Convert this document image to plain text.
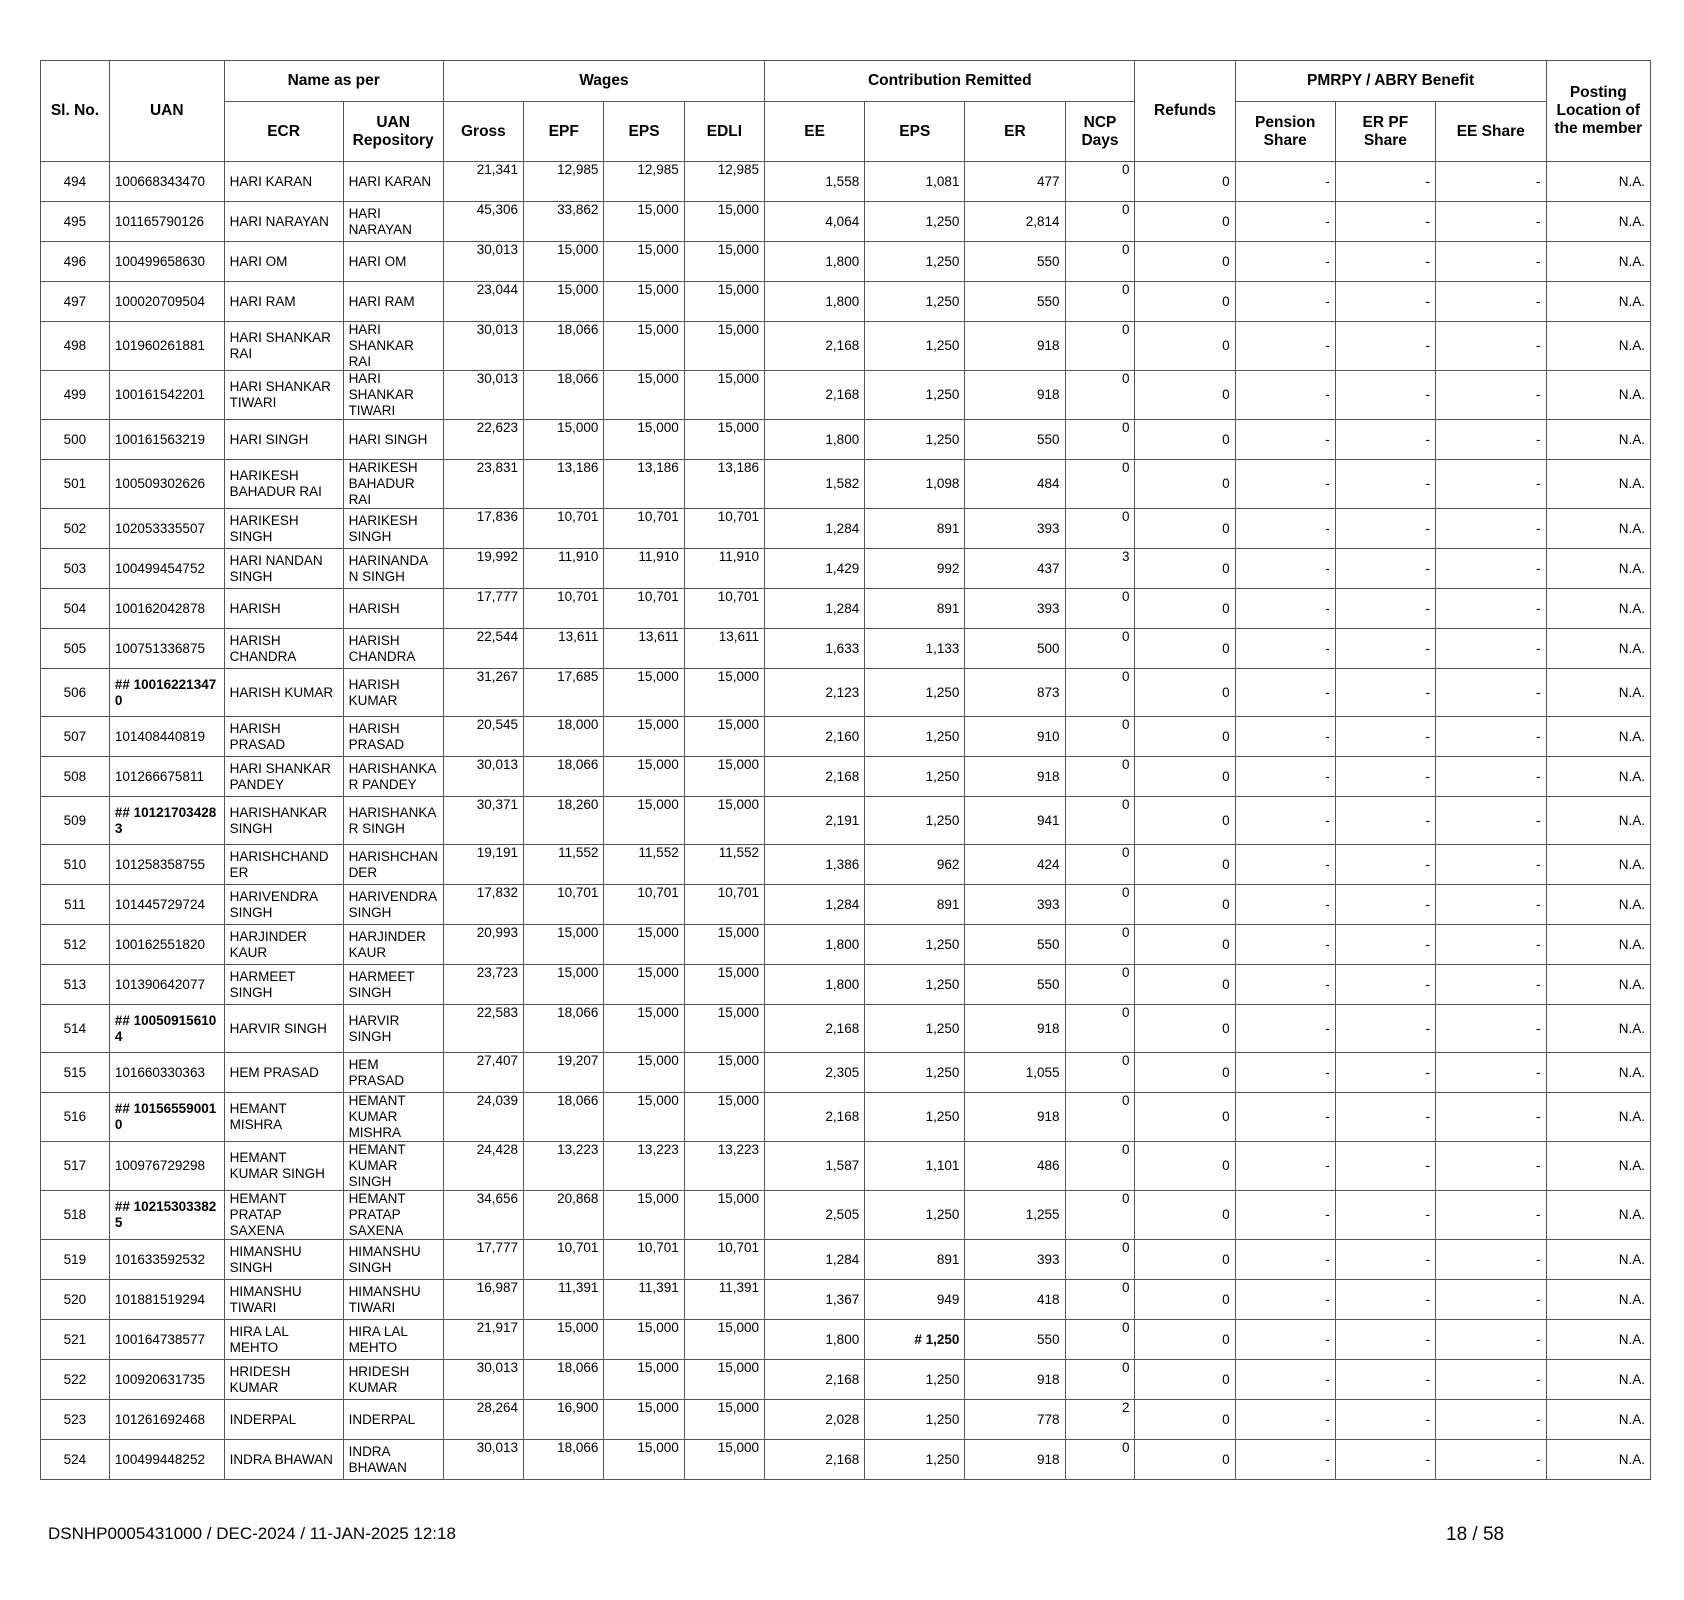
Sl. No.	UAN	Name as per		Wages				Contribution Remitted				Refunds	PMRPY / ABRY Benefit			Posting Location of the member
		ECR	UAN Repository	Gross	EPF	EPS	EDLI	EE	EPS	ER	NCP Days		Pension Share	ER PF Share	EE Share	
494	100668343470	HARI KARAN	HARI KARAN	21,341	12,985	12,985	12,985	1,558	1,081	477	0	0	-	-	-	N.A.
495	101165790126	HARI NARAYAN	HARI NARAYAN	45,306	33,862	15,000	15,000	4,064	1,250	2,814	0	0	-	-	-	N.A.
496	100499658630	HARI OM	HARI OM	30,013	15,000	15,000	15,000	1,800	1,250	550	0	0	-	-	-	N.A.
497	100020709504	HARI RAM	HARI RAM	23,044	15,000	15,000	15,000	1,800	1,250	550	0	0	-	-	-	N.A.
498	101960261881	HARI SHANKAR RAI	HARI SHANKAR RAI	30,013	18,066	15,000	15,000	2,168	1,250	918	0	0	-	-	-	N.A.
499	100161542201	HARI SHANKAR TIWARI	HARI SHANKAR TIWARI	30,013	18,066	15,000	15,000	2,168	1,250	918	0	0	-	-	-	N.A.
500	100161563219	HARI SINGH	HARI SINGH	22,623	15,000	15,000	15,000	1,800	1,250	550	0	0	-	-	-	N.A.
501	100509302626	HARIKESH BAHADUR RAI	HARIKESH BAHADUR RAI	23,831	13,186	13,186	13,186	1,582	1,098	484	0	0	-	-	-	N.A.
502	102053335507	HARIKESH SINGH	HARIKESH SINGH	17,836	10,701	10,701	10,701	1,284	891	393	0	0	-	-	-	N.A.
503	100499454752	HARI NANDAN SINGH	HARINANDA N SINGH	19,992	11,910	11,910	11,910	1,429	992	437	3	0	-	-	-	N.A.
504	100162042878	HARISH	HARISH	17,777	10,701	10,701	10,701	1,284	891	393	0	0	-	-	-	N.A.
505	100751336875	HARISH CHANDRA	HARISH CHANDRA	22,544	13,611	13,611	13,611	1,633	1,133	500	0	0	-	-	-	N.A.
506	## 10016221347 0	HARISH KUMAR	HARISH KUMAR	31,267	17,685	15,000	15,000	2,123	1,250	873	0	0	-	-	-	N.A.
507	101408440819	HARISH PRASAD	HARISH PRASAD	20,545	18,000	15,000	15,000	2,160	1,250	910	0	0	-	-	-	N.A.
508	101266675811	HARI SHANKAR PANDEY	HARISHANKA R PANDEY	30,013	18,066	15,000	15,000	2,168	1,250	918	0	0	-	-	-	N.A.
509	## 10121703428 3	HARISHANKAR SINGH	HARISHANKA R SINGH	30,371	18,260	15,000	15,000	2,191	1,250	941	0	0	-	-	-	N.A.
510	101258358755	HARISHCHAND ER	HARISHCHAN DER	19,191	11,552	11,552	11,552	1,386	962	424	0	0	-	-	-	N.A.
511	101445729724	HARIVENDRA SINGH	HARIVENDRA SINGH	17,832	10,701	10,701	10,701	1,284	891	393	0	0	-	-	-	N.A.
512	100162551820	HARJINDER KAUR	HARJINDER KAUR	20,993	15,000	15,000	15,000	1,800	1,250	550	0	0	-	-	-	N.A.
513	101390642077	HARMEET SINGH	HARMEET SINGH	23,723	15,000	15,000	15,000	1,800	1,250	550	0	0	-	-	-	N.A.
514	## 10050915610 4	HARVIR SINGH	HARVIR SINGH	22,583	18,066	15,000	15,000	2,168	1,250	918	0	0	-	-	-	N.A.
515	101660330363	HEM PRASAD	HEM PRASAD	27,407	19,207	15,000	15,000	2,305	1,250	1,055	0	0	-	-	-	N.A.
516	## 10156559001 0	HEMANT MISHRA	HEMANT KUMAR MISHRA	24,039	18,066	15,000	15,000	2,168	1,250	918	0	0	-	-	-	N.A.
517	100976729298	HEMANT KUMAR SINGH	HEMANT KUMAR SINGH	24,428	13,223	13,223	13,223	1,587	1,101	486	0	0	-	-	-	N.A.
518	## 10215303382 5	HEMANT PRATAP SAXENA	HEMANT PRATAP SAXENA	34,656	20,868	15,000	15,000	2,505	1,250	1,255	0	0	-	-	-	N.A.
519	101633592532	HIMANSHU SINGH	HIMANSHU SINGH	17,777	10,701	10,701	10,701	1,284	891	393	0	0	-	-	-	N.A.
520	101881519294	HIMANSHU TIWARI	HIMANSHU TIWARI	16,987	11,391	11,391	11,391	1,367	949	418	0	0	-	-	-	N.A.
521	100164738577	HIRA LAL MEHTO	HIRA LAL MEHTO	21,917	15,000	15,000	15,000	1,800	# 1,250	550	0	0	-	-	-	N.A.
522	100920631735	HRIDESH KUMAR	HRIDESH KUMAR	30,013	18,066	15,000	15,000	2,168	1,250	918	0	0	-	-	-	N.A.
523	101261692468	INDERPAL	INDERPAL	28,264	16,900	15,000	15,000	2,028	1,250	778	2	0	-	-	-	N.A.
524	100499448252	INDRA BHAWAN	INDRA BHAWAN	30,013	18,066	15,000	15,000	2,168	1,250	918	0	0	-	-	-	N.A.
DSNHP0005431000 / DEC-2024 / 11-JAN-2025 12:18	18 / 58
